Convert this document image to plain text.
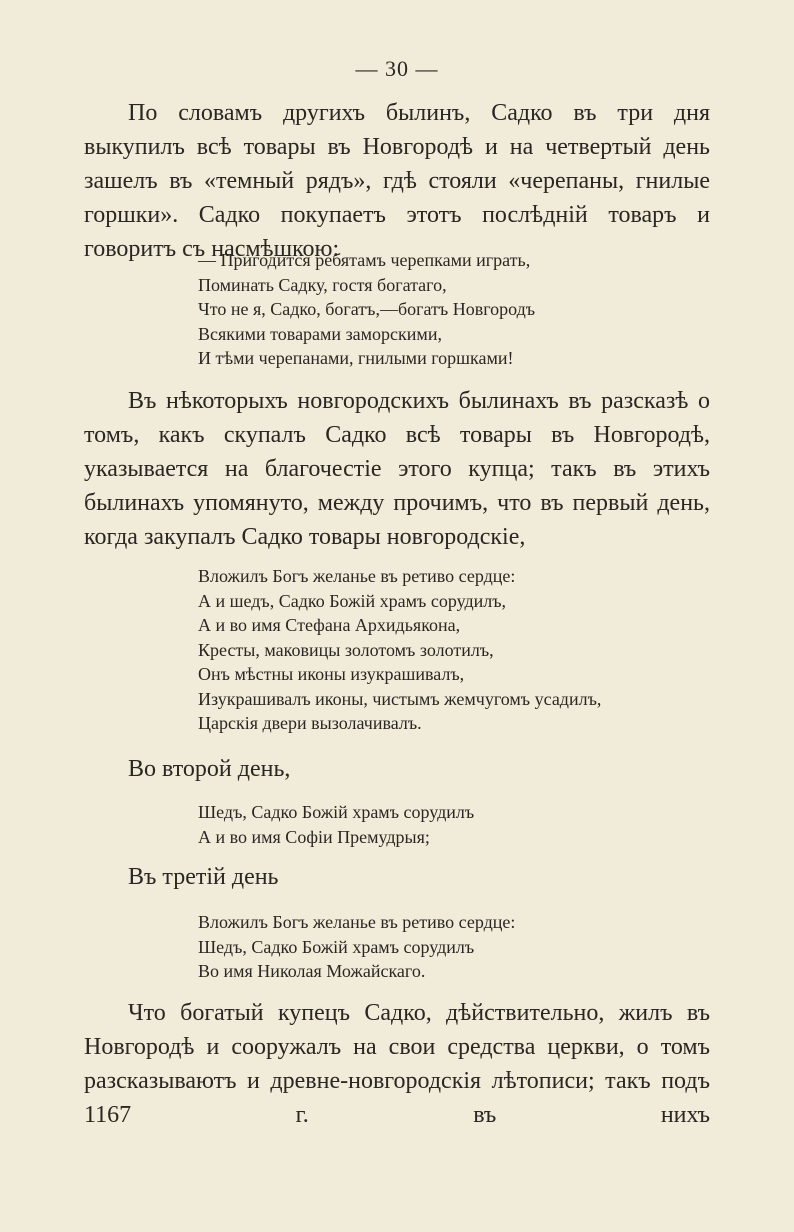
— 30 —

По словамъ другихъ былинъ, Садко въ три дня выкупилъ всѣ товары въ Новгородѣ и на четвертый день зашелъ въ «темный рядъ», гдѣ стояли «черепаны, гнилые горшки». Садко покупаетъ этотъ послѣдній товаръ и говоритъ съ насмѣшкою:

— Пригодится ребятамъ черепками играть,
Поминать Садку, гостя богатаго,
Что не я, Садко, богатъ,—богатъ Новгородъ
Всякими товарами заморскими,
И тѣми черепанами, гнилыми горшками!

Въ нѣкоторыхъ новгородскихъ былинахъ въ разсказѣ о томъ, какъ скупалъ Садко всѣ товары въ Новгородѣ, указывается на благочестіе этого купца; такъ въ этихъ былинахъ упомянуто, между прочимъ, что въ первый день, когда закупалъ Садко товары новгородскіе,

Вложилъ Богъ желанье въ ретиво сердце:
А и шедъ, Садко Божій храмъ сорудилъ,
А и во имя Стефана Архидьякона,
Кресты, маковицы золотомъ золотилъ,
Онъ мѣстны иконы изукрашивалъ,
Изукрашивалъ иконы, чистымъ жемчугомъ усадилъ,
Царскія двери вызолачивалъ.

Во второй день,

Шедъ, Садко Божій храмъ сорудилъ
А и во имя Софіи Премудрыя;

Въ третій день

Вложилъ Богъ желанье въ ретиво сердце:
Шедъ, Садко Божій храмъ сорудилъ
Во имя Николая Можайскаго.

Что богатый купецъ Садко, дѣйствительно, жилъ въ Новгородѣ и сооружалъ на свои средства церкви, о томъ разсказываютъ и древне-новгородскія лѣтописи; такъ подъ 1167 г. въ нихъ
